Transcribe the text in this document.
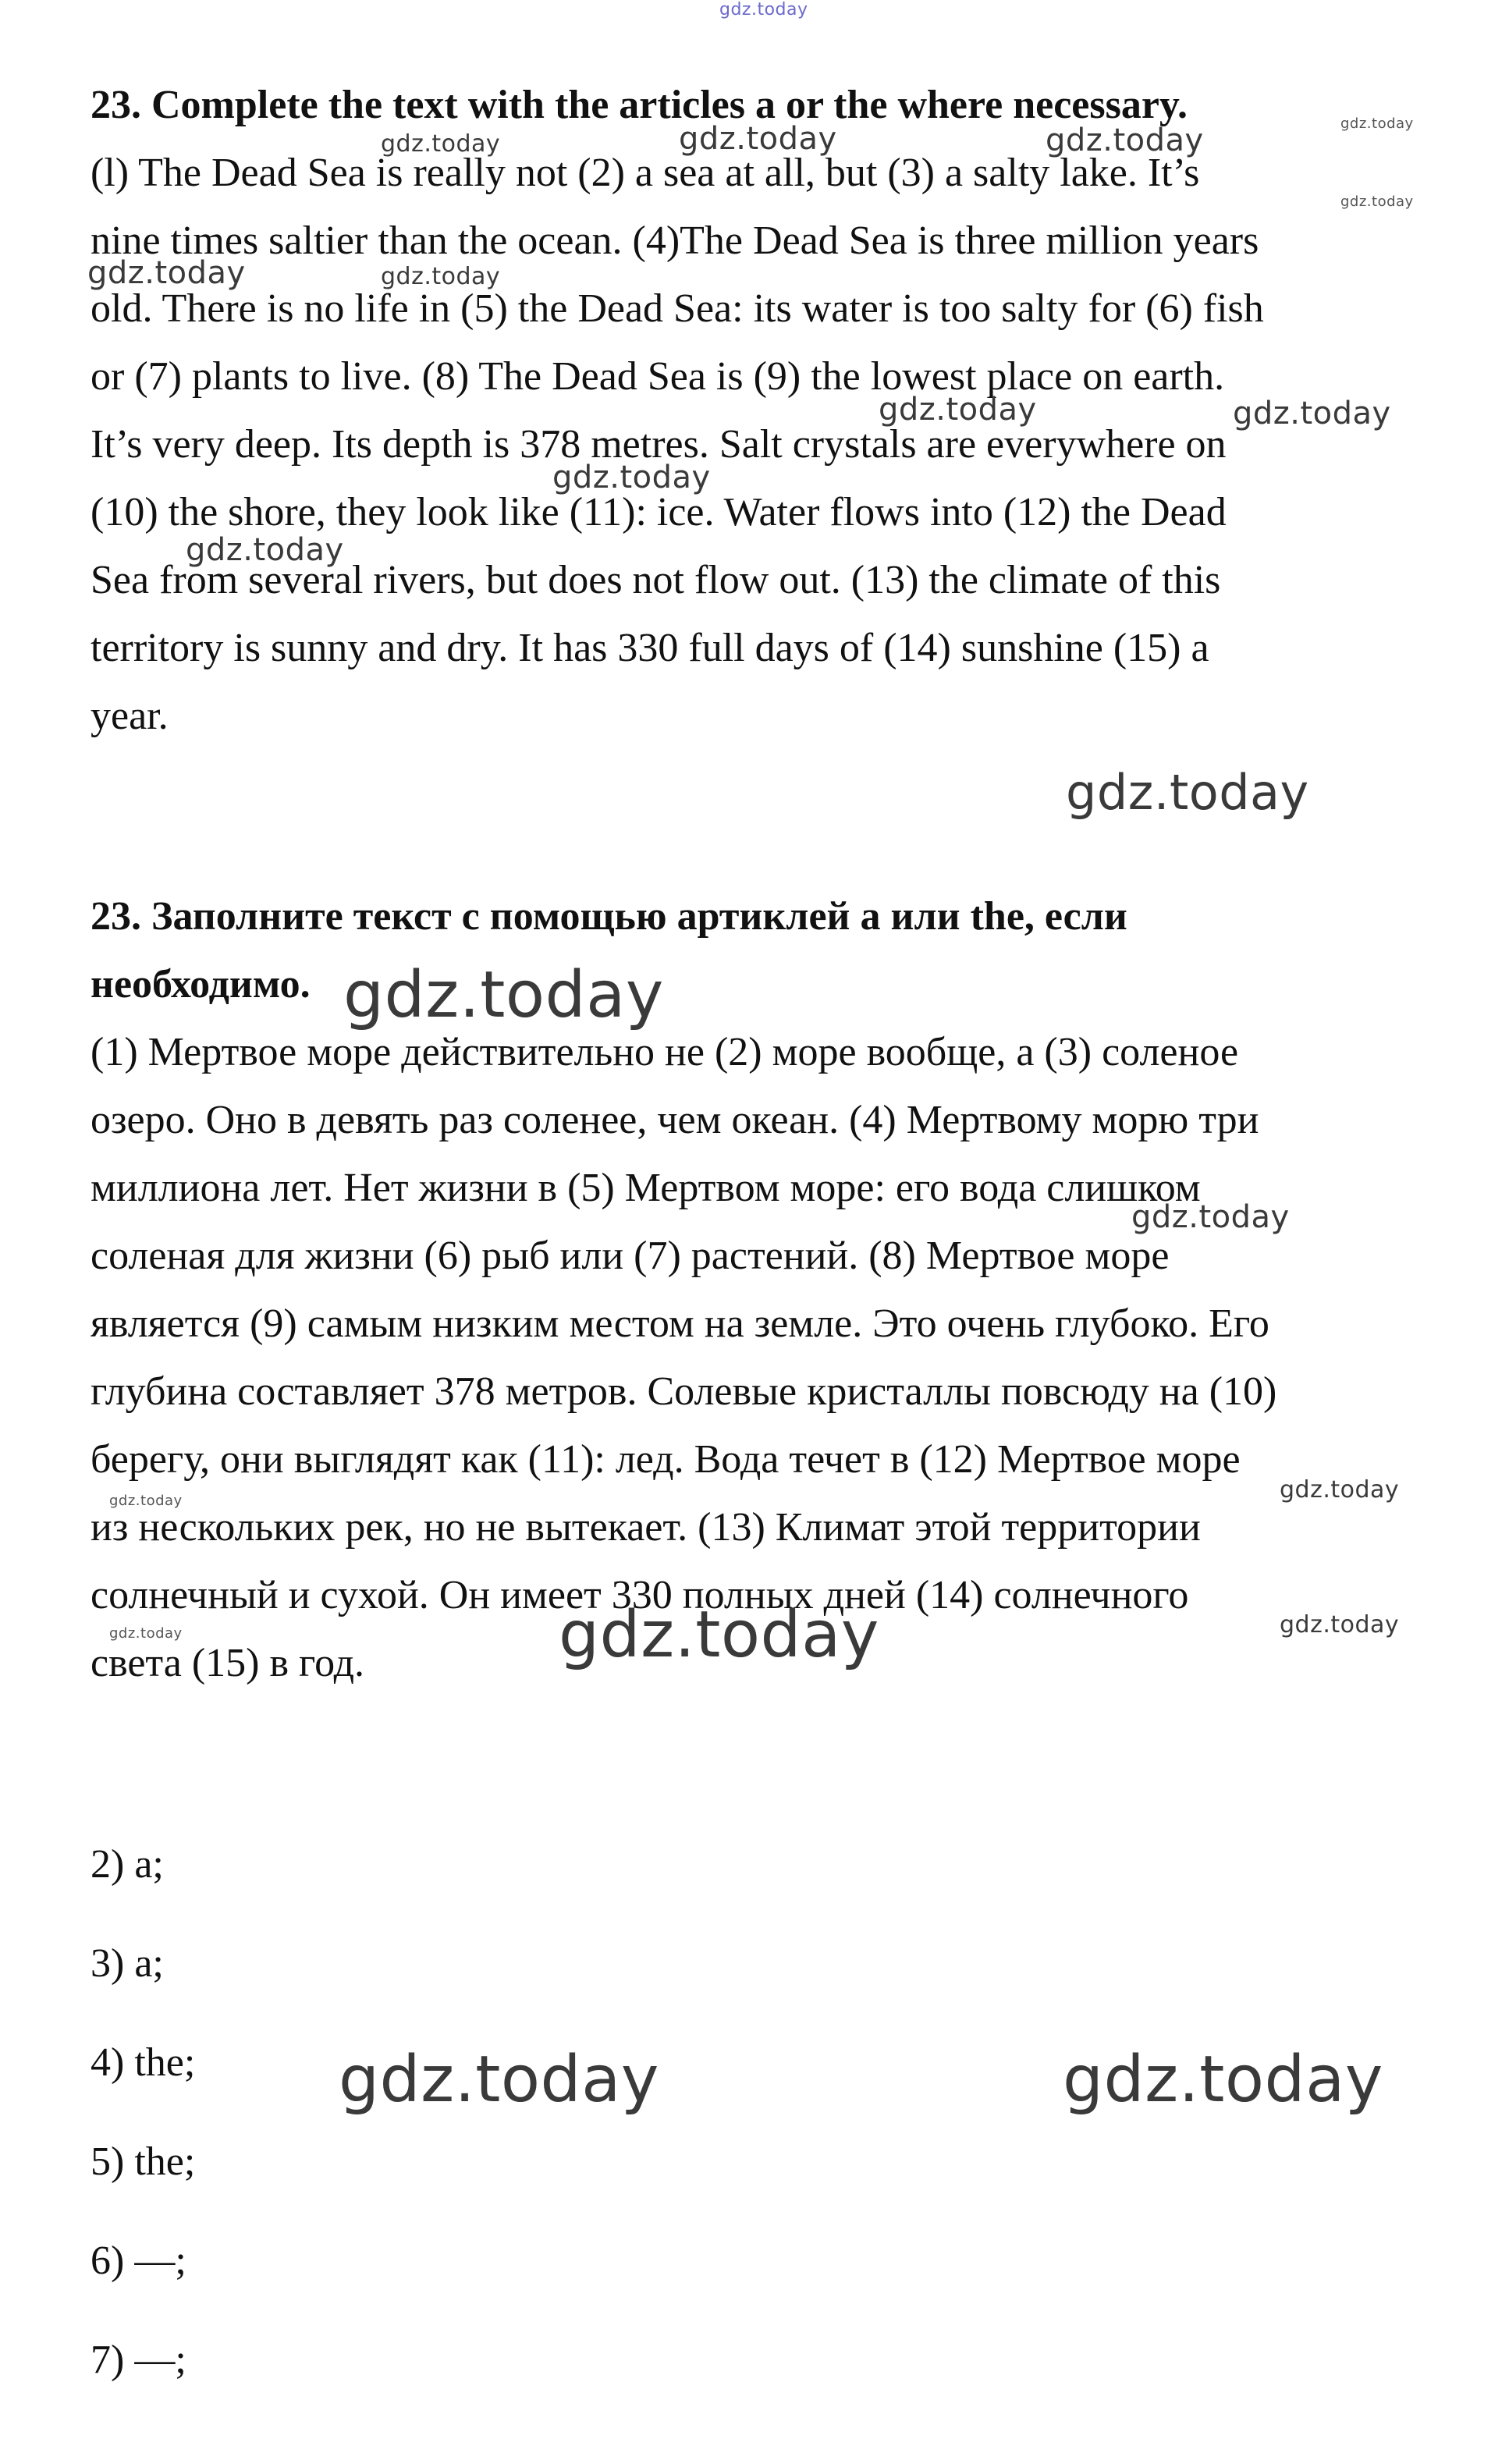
23. Complete the text with the articles a or the where necessary.
(l) The Dead Sea is really not (2) a sea at all, but (3) a salty lake. It’s
nine times saltier than the ocean. (4)The Dead Sea is three million years
old. There is no life in (5) the Dead Sea: its water is too salty for (6) fish
or (7) plants to live. (8) The Dead Sea is (9) the lowest place on earth.
It’s very deep. Its depth is 378 metres. Salt crystals are everywhere on
(10) the shore, they look like (11): ice. Water flows into (12) the Dead
Sea from several rivers, but does not flow out. (13) the climate of this
territory is sunny and dry. It has 330 full days of (14) sunshine (15) a
year.
23. Заполните текст с помощью артиклей a или the, если
необходимо.
(1) Мертвое море действительно не (2) море вообще, а (3) соленое
озеро. Оно в девять раз соленее, чем океан. (4) Мертвому морю три
миллиона лет. Нет жизни в (5) Мертвом море: его вода слишком
соленая для жизни (6) рыб или (7) растений. (8) Мертвое море
является (9) самым низким местом на земле. Это очень глубоко. Его
глубина составляет 378 метров. Солевые кристаллы повсюду на (10)
берегу, они выглядят как (11): лед. Вода течет в (12) Мертвое море
из нескольких рек, но не вытекает. (13) Климат этой территории
солнечный и сухой. Он имеет 330 полных дней (14) солнечного
света (15) в год.
2) a;
3) a;
4) the;
5) the;
6) —;
7) —;
gdz.today
gdz.today
gdz.today
gdz.today	gdz.today	gdz.today
gdz.today	gdz.today
gdz.today	gdz.today
gdz.today
gdz.today
gdz.today
gdz.today
gdz.today
gdz.today
gdz.today
gdz.today
gdz.today	gdz.today
gdz.today	gdz.today
